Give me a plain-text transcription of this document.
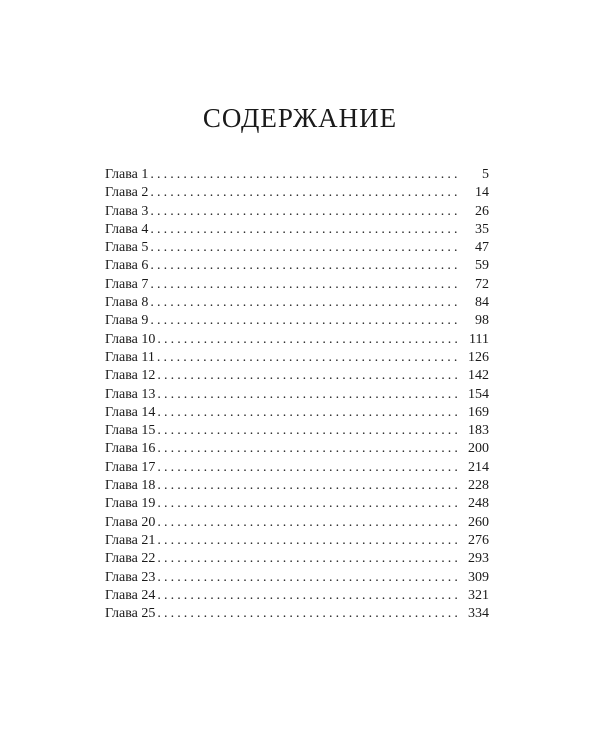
СОДЕРЖАНИЕ
Глава 1 . . .	5
Глава 2 . . .	14
Глава 3 . . .	26
Глава 4 . . .	35
Глава 5 . . .	47
Глава 6 . . .	59
Глава 7 . . .	72
Глава 8 . . .	84
Глава 9 . . .	98
Глава 10 . . .	111
Глава 11 . . .	126
Глава 12 . . .	142
Глава 13 . . .	154
Глава 14 . . .	169
Глава 15 . . .	183
Глава 16 . . .	200
Глава 17 . . .	214
Глава 18 . . .	228
Глава 19 . . .	248
Глава 20 . . .	260
Глава 21 . . .	276
Глава 22 . . .	293
Глава 23 . . .	309
Глава 24 . . .	321
Глава 25 . . .	334
